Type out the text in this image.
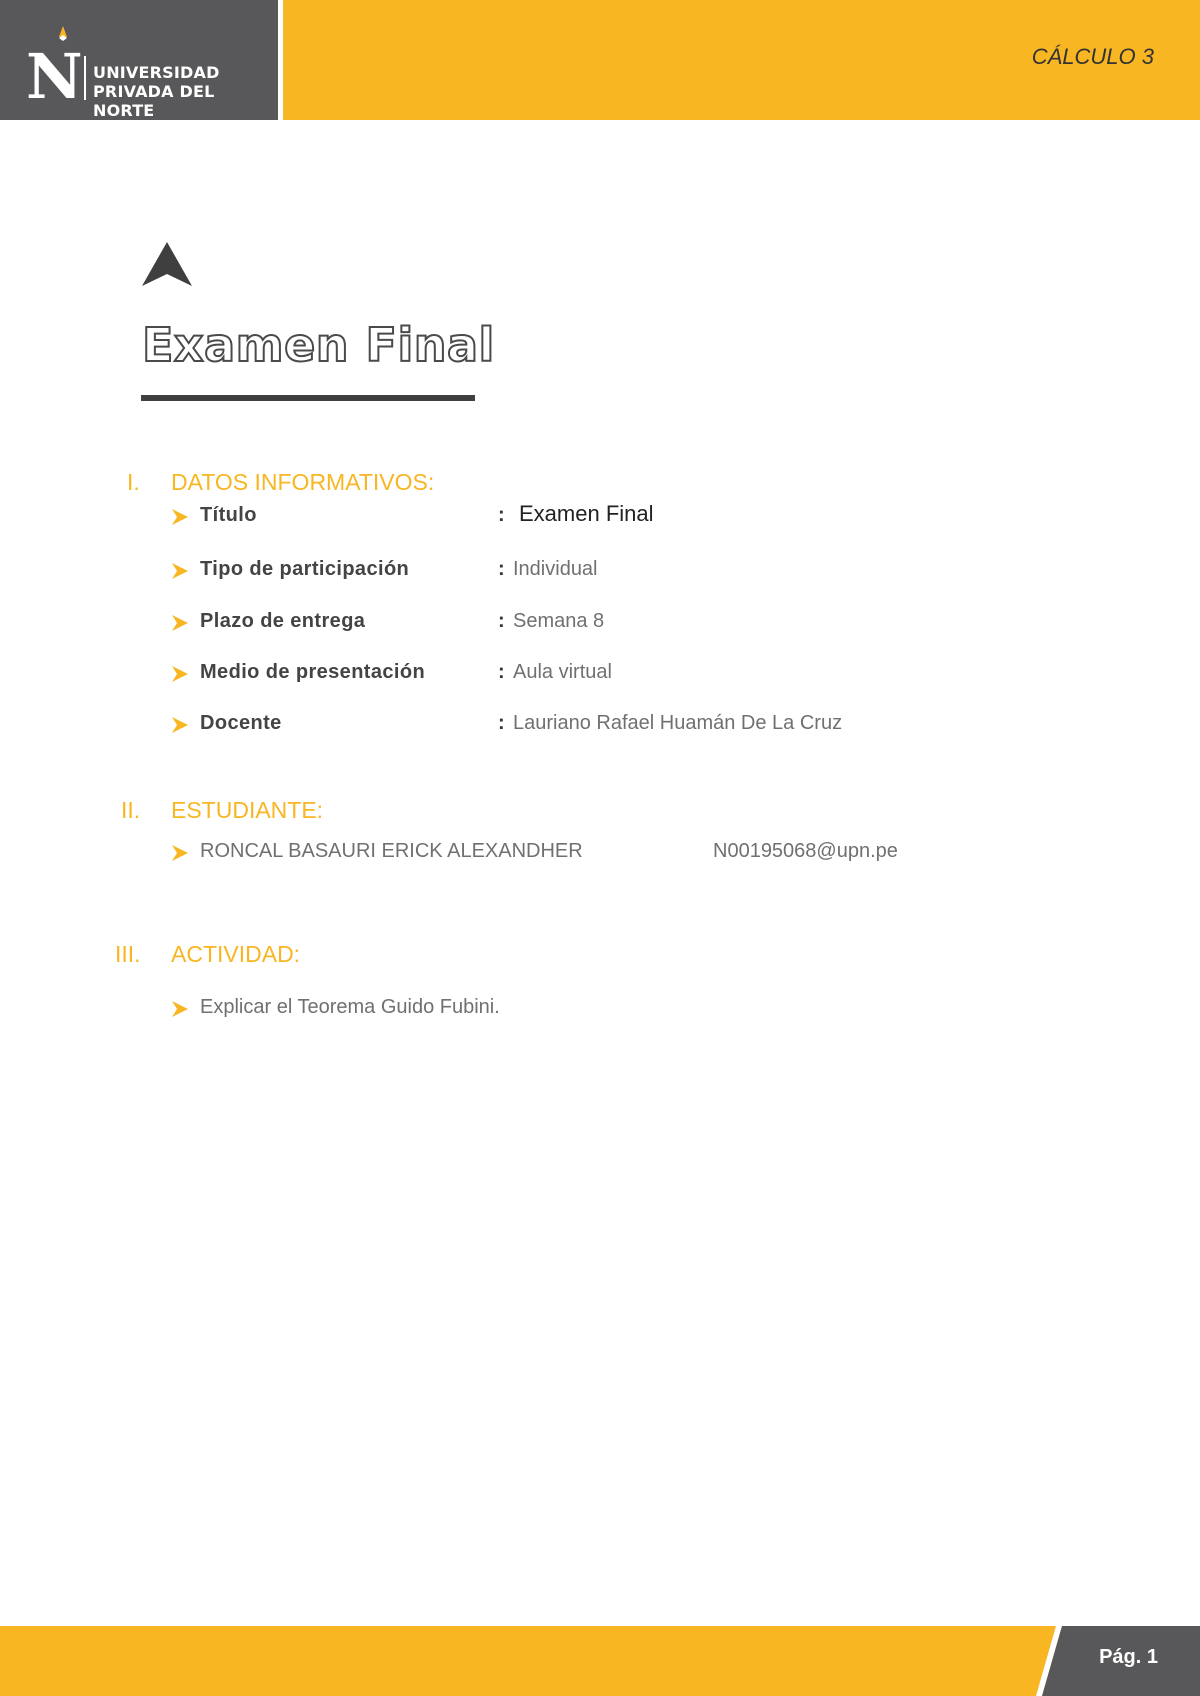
N UNIVERSIDAD
PRIVADA DEL NORTE
CÁLCULO 3
Examen Final
I. DATOS INFORMATIVOS:
Título	: Examen Final
Tipo de participación	: Individual
Plazo de entrega	: Semana 8
Medio de presentación	: Aula virtual
Docente	: Lauriano Rafael Huamán De La Cruz
II. ESTUDIANTE:
RONCAL BASAURI ERICK ALEXANDHER	N00195068@upn.pe
III. ACTIVIDAD:
Explicar el Teorema Guido Fubini.
Pág. 1
